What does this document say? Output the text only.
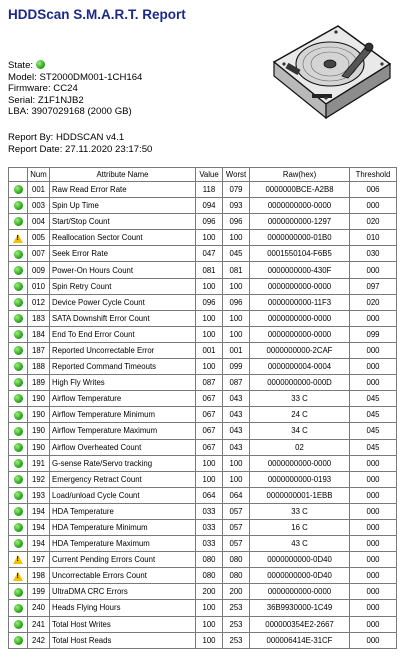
HDDScan S.M.A.R.T. Report
State:
Model: ST2000DM001-1CH164
Firmware: CC24
Serial: Z1F1NJB2
LBA: 3907029168 (2000 GB)
Report By: HDDSCAN v4.1
Report Date: 27.11.2020 23:17:50
	Num	Attribute Name	Value	Worst	Raw(hex)	Threshold
	001	Raw Read Error Rate	118	079	0000000BCE-A2B8	006
	003	Spin Up Time	094	093	0000000000-0000	000
	004	Start/Stop Count	096	096	0000000000-1297	020
!	005	Reallocation Sector Count	100	100	0000000000-01B0	010
	007	Seek Error Rate	047	045	0001550104-F6B5	030
	009	Power-On Hours Count	081	081	0000000000-430F	000
	010	Spin Retry Count	100	100	0000000000-0000	097
	012	Device Power Cycle Count	096	096	0000000000-11F3	020
	183	SATA Downshift Error Count	100	100	0000000000-0000	000
	184	End To End Error Count	100	100	0000000000-0000	099
	187	Reported Uncorrectable Error	001	001	0000000000-2CAF	000
	188	Reported Command Timeouts	100	099	0000000004-0004	000
	189	High Fly Writes	087	087	0000000000-000D	000
	190	Airflow Temperature	067	043	33 C	045
	190	Airflow Temperature Minimum	067	043	24 C	045
	190	Airflow Temperature Maximum	067	043	34 C	045
	190	Airflow Overheated Count	067	043	02	045
	191	G-sense Rate/Servo tracking	100	100	0000000000-0000	000
	192	Emergency Retract Count	100	100	0000000000-0193	000
	193	Load/unload Cycle Count	064	064	0000000001-1EBB	000
	194	HDA Temperature	033	057	33 C	000
	194	HDA Temperature Minimum	033	057	16 C	000
	194	HDA Temperature Maximum	033	057	43 C	000
!	197	Current Pending Errors Count	080	080	0000000000-0D40	000
!	198	Uncorrectable Errors Count	080	080	0000000000-0D40	000
	199	UltraDMA CRC Errors	200	200	0000000000-0000	000
	240	Heads Flying Hours	100	253	36B9930000-1C49	000
	241	Total Host Writes	100	253	000000354E2-2667	000
	242	Total Host Reads	100	253	000006414E-31CF	000
